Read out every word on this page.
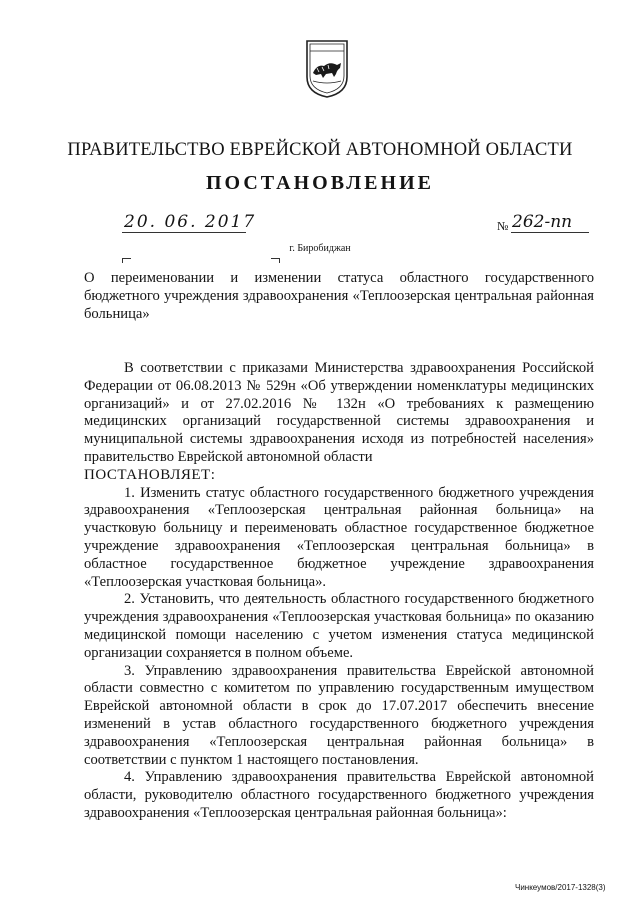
ПРАВИТЕЛЬСТВО ЕВРЕЙСКОЙ АВТОНОМНОЙ ОБЛАСТИ
ПОСТАНОВЛЕНИЕ
20. 06. 2017	№ 262-пп
г. Биробиджан
О переименовании и изменении статуса областного государственного бюджетного учреждения здравоохранения «Теплоозерская центральная районная больница»

В соответствии с приказами Министерства здравоохранения Российской Федерации от 06.08.2013 № 529н «Об утверждении номенклатуры медицинских организаций» и от 27.02.2016 № 132н «О требованиях к размещению медицинских организаций государственной системы здравоохранения и муниципальной системы здравоохранения исходя из потребностей населения» правительство Еврейской автономной области

ПОСТАНОВЛЯЕТ:

1. Изменить статус областного государственного бюджетного учреждения здравоохранения «Теплоозерская центральная районная больница» на участковую больницу и переименовать областное государственное бюджетное учреждение здравоохранения «Теплоозерская центральная больница» в областное государственное бюджетное учреждение здравоохранения «Теплоозерская участковая больница».

2. Установить, что деятельность областного государственного бюджетного учреждения здравоохранения «Теплоозерская участковая больница» по оказанию медицинской помощи населению с учетом изменения статуса медицинской организации сохраняется в полном объеме.

3. Управлению здравоохранения правительства Еврейской автономной области совместно с комитетом по управлению государственным имуществом Еврейской автономной области в срок до 17.07.2017 обеспечить внесение изменений в устав областного государственного бюджетного учреждения здравоохранения «Теплоозерская центральная районная больница» в соответствии с пунктом 1 настоящего постановления.

4. Управлению здравоохранения правительства Еврейской автономной области, руководителю областного государственного бюджетного учреждения здравоохранения «Теплоозерская центральная районная больница»:

Чинкеумов/2017-1328(3)
